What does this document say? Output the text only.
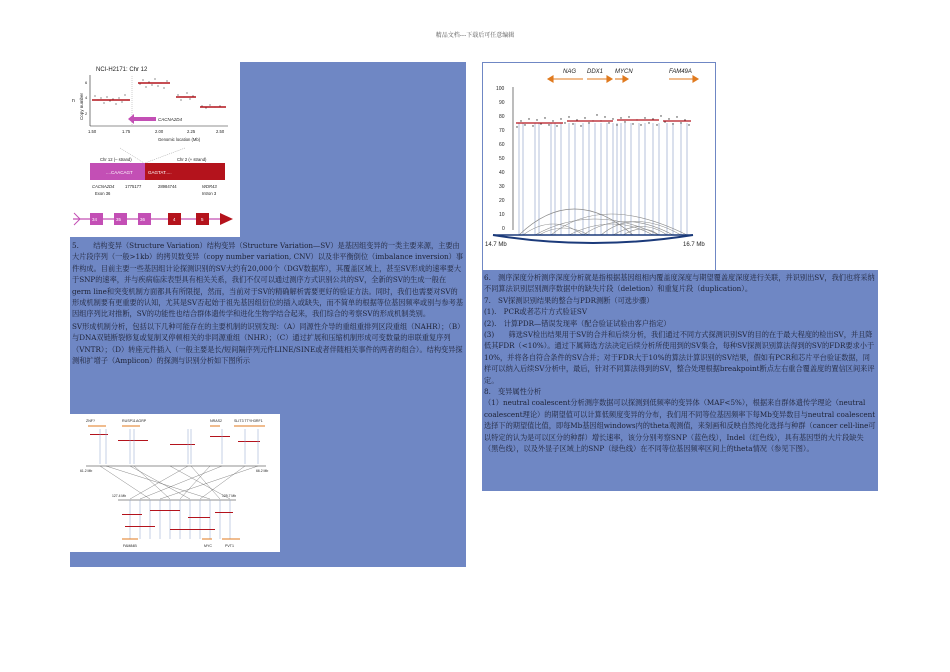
精品文档---下载后可任意编辑
NCI-H2171: Chr 12
n Copy number
6
4
2
CACNA2D4
1.50	1.75	2.00	2.25	2.50
Genomic location (Mb)
Chr 12 (– strand)	Chr 2 (+ strand)
....CAACAGT	GAGTAT.....
CACNA2D4	1775177	28984744	WDR43
Exon 36	Intron 3
34	35	36	4	5

5.　　结构变异（Structure Variation）结构变异（Structure Variation—SV）是基因组变异的一类主要来源，主要由大片段序列（一般>1kb）的拷贝数变异（copy number variation, CNV）以及非平衡倒位（imbalance inversion）事件构成。目前主要一些基因组计论探测识别的SV大约有20,000个（DGV数据库），其覆盖区域上，甚至SV形成的速率要大于SNP的速率，并与疾病临床表型具有相关关系，我们不仅可以通过测序方式识别公共的SV，全新的SV的生成一般在germ line和突变机制方面都具有所限提，然而，当前对于SV的精确解析需要更好的验证方法。同时，我们也需要对SV的形成机制要有更重要的认知，尤其是SV否起始于祖先基因组衍位的插入或缺失，而不简单的根据等位基因频率或别与参考基因组序列比对推断，SV的功能性也结合群体遗传学和进化生物学结合起来，我们综合的考察SV的形成机制类别。

SV形成机制分析，包括以下几种可能存在的主要机制的识别发现：（A）同源性介导的重组重排列区段重组（NAHR）；（B）与DNA双链断裂修复或复制叉停顿相关的非同源重组（NHR）；（C）通过扩展和压缩机制形成可变数量的串联重复序列（VNTR）；（D）转座元件插入（一般主要是长/短间隔序列元件LINE/SINE或者伴随相关事件的两者的组合）。结构变异探测和扩增子（Amplicon）的探测与识别分析如下图所示

ZNF?	RUSP11 AGRP	NRAS2	SLIT3 TTYH3RF1
61.2 Mb	66.2 Mb
127.4 Mb	129.7 Mb
FAM84B	MYC	PVT1
NAG DDX1 MYCN	FAM49A
100
90
80
70
60
50
40
30
20
10
0
14.7 Mb	16.7 Mb

6.　测序深度分析测序深度分析就是指根据基因组相内覆盖度深度与期望覆盖度深度进行关联，并识别出SV，我们也将采纳不同算法识别层别测序数据中的缺失片段（deletion）和重复片段（duplication）。

7.　SV探测识别结果的整合与PDR测断（可选步骤）

(1).　PCR或者芯片方式验证SV

(2).　计算PDR—错误发现率（配合验证试验由客户指定）

(3)　　筛选SV检出结果用于SV的合并和后续分析，我们通过不同方式探测识别SV的目的在于最大程度的检出SV，并且降低其FDR（<10%）。通过下属筛选方法决定后续分析所使用到的SV集合，每种SV探测识别算法得到的SV的FDR要求小于10%，并将各自符合条件的SV合并；对于FDR大于10%的算法计算识别的SV结果，假如有PCR和芯片平台验证数据，同样可以纳入后续SV分析中，最后，针对不同算法得到的SV，整合处理根据breakpoint断点左右重合覆盖度的置信区间来评定。

8.　变异属性分析

（1）neutral coalescent分析测序数据可以探测到低频率的变异体（MAF<5%），根据来自群体遗传学理论（neutral coalescent理论）的期望值可以计算低频度变异的分布，我们用不同等位基因频率下每Mb变异数目与neutral coalescent选择下的期望值比值，即每Mb基因组windows内的theta观测值，来刻画和反映自然纯化选择与种群（cancer cell-line可以特定的认为是可以区分的种群）增长速率，该分分别考察SNP（蓝色线），Indel（红色线），具有基因型的大片段缺失（黑色线），以及外显子区域上的SNP（绿色线）在不同等位基因频率区间上的theta情况（参见下图）。
